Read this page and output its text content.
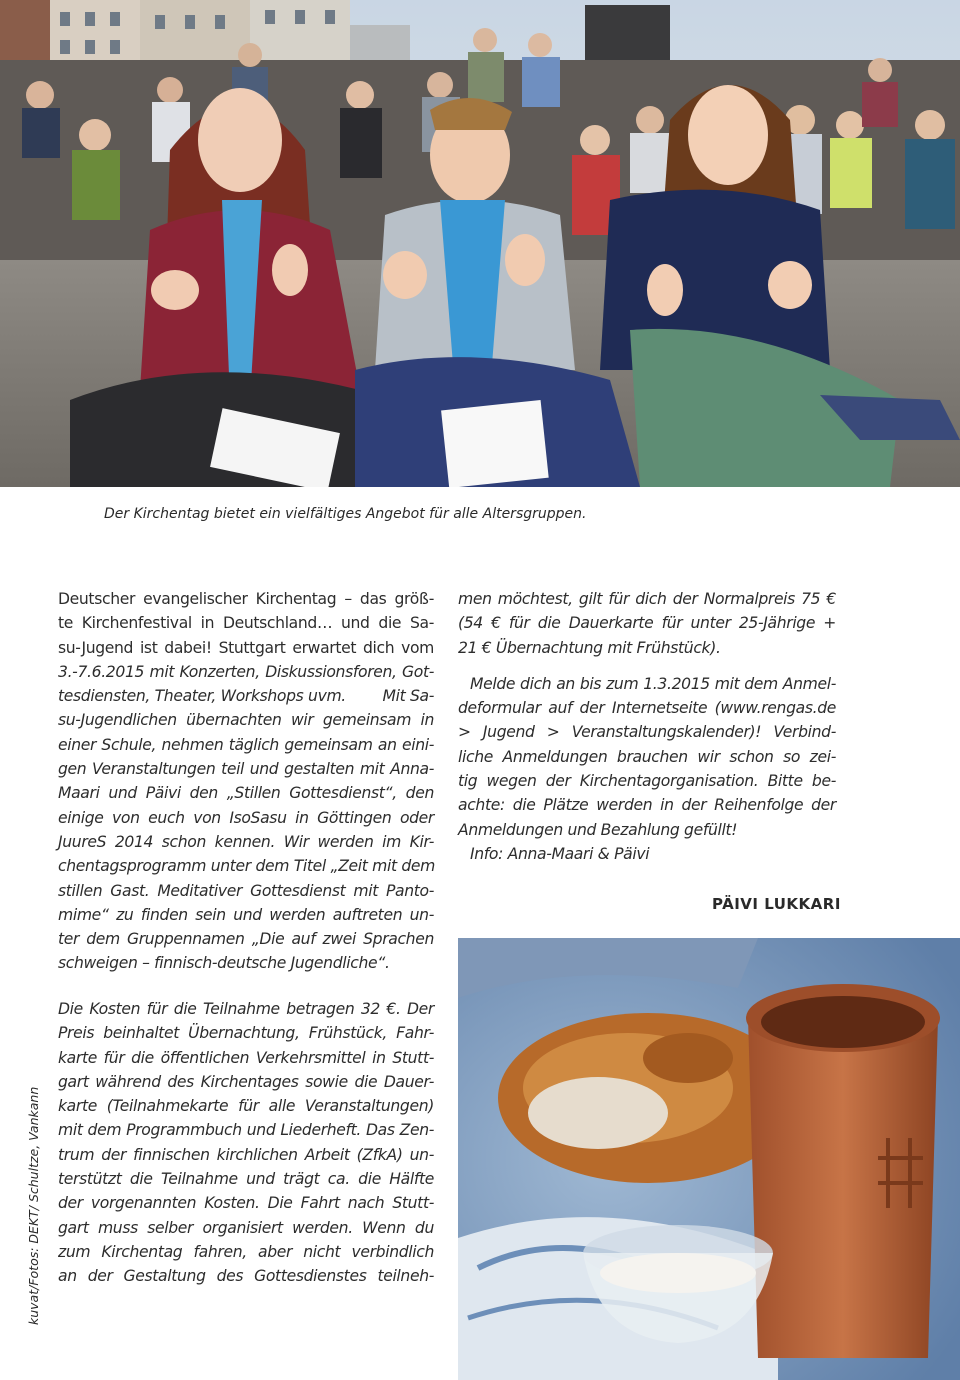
Der Kirchentag bietet ein vielfältiges Angebot für alle Altersgruppen.
Deutscher evangelischer Kirchentag – das größ-
te Kirchenfestival in Deutschland… und die Sa-
su-Jugend ist dabei! Stuttgart erwartet dich vom
3.-7.6.2015 mit Konzerten, Diskussionsforen, Got-
tesdiensten, Theater, Workshops uvm. Mit Sa-
su-Jugendlichen übernachten wir gemeinsam in
einer Schule, nehmen täglich gemeinsam an eini-
gen Veranstaltungen teil und gestalten mit Anna-
Maari und Päivi den „Stillen Gottesdienst“, den
einige von euch von IsoSasu in Göttingen oder
JuureS 2014 schon kennen. Wir werden im Kir-
chentagsprogramm unter dem Titel „Zeit mit dem
stillen Gast. Meditativer Gottesdienst mit Panto-
mime“ zu finden sein und werden auftreten un-
ter dem Gruppennamen „Die auf zwei Sprachen
schweigen – finnisch-deutsche Jugendliche“.
Die Kosten für die Teilnahme betragen 32 €. Der
Preis beinhaltet Übernachtung, Frühstück, Fahr-
karte für die öffentlichen Verkehrsmittel in Stutt-
gart während des Kirchentages sowie die Dauer-
karte (Teilnahmekarte für alle Veranstaltungen)
mit dem Programmbuch und Liederheft. Das Zen-
trum der finnischen kirchlichen Arbeit (ZfkA) un-
terstützt die Teilnahme und trägt ca. die Hälfte
der vorgenannten Kosten. Die Fahrt nach Stutt-
gart muss selber organisiert werden. Wenn du
zum Kirchentag fahren, aber nicht verbindlich
an der Gestaltung des Gottesdienstes teilneh-
men möchtest, gilt für dich der Normalpreis 75 €
(54 € für die Dauerkarte für unter 25-Jährige +
21 € Übernachtung mit Frühstück).
Melde dich an bis zum 1.3.2015 mit dem Anmel-
deformular auf der Internetseite (www.rengas.de
> Jugend > Veranstaltungskalender)! Verbind-
liche Anmeldungen brauchen wir schon so zei-
tig wegen der Kirchentagorganisation. Bitte be-
achte: die Plätze werden in der Reihenfolge der
Anmeldungen und Bezahlung gefüllt!
Info: Anna-Maari & Päivi
PÄIVI LUKKARI
kuvat/Fotos: DEKT/ Schultze, Vankann
